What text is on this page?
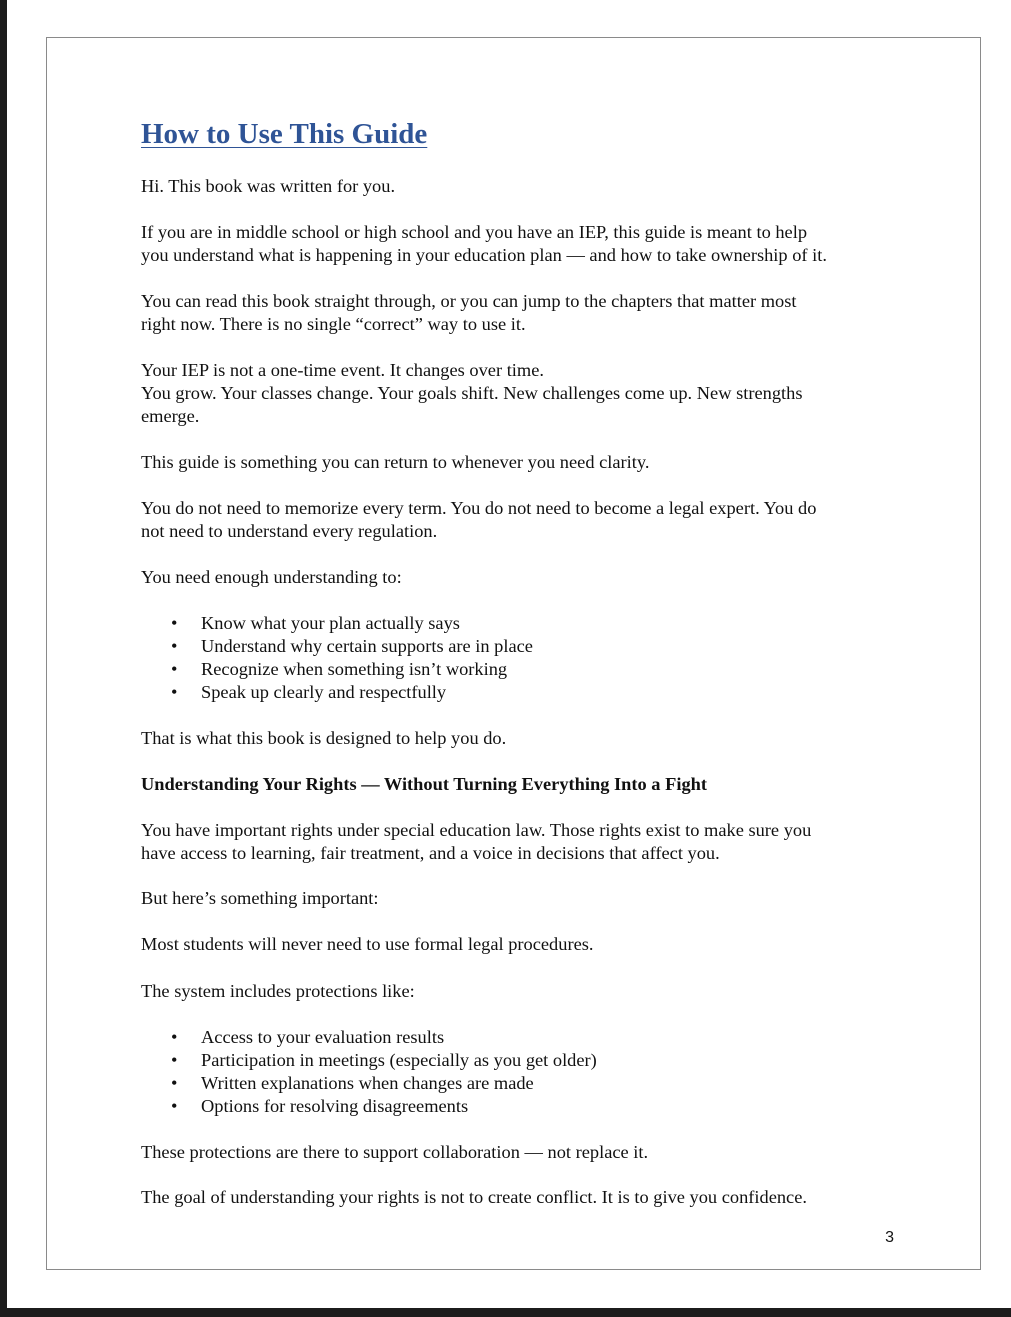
How to Use This Guide

Hi. This book was written for you.

If you are in middle school or high school and you have an IEP, this guide is meant to help
you understand what is happening in your education plan — and how to take ownership of it.

You can read this book straight through, or you can jump to the chapters that matter most
right now. There is no single “correct” way to use it.

Your IEP is not a one-time event. It changes over time.
You grow. Your classes change. Your goals shift. New challenges come up. New strengths
emerge.

This guide is something you can return to whenever you need clarity.

You do not need to memorize every term. You do not need to become a legal expert. You do
not need to understand every regulation.

You need enough understanding to:

• Know what your plan actually says
• Understand why certain supports are in place
• Recognize when something isn’t working
• Speak up clearly and respectfully

That is what this book is designed to help you do.

Understanding Your Rights — Without Turning Everything Into a Fight

You have important rights under special education law. Those rights exist to make sure you
have access to learning, fair treatment, and a voice in decisions that affect you.

But here’s something important:

Most students will never need to use formal legal procedures.

The system includes protections like:

• Access to your evaluation results
• Participation in meetings (especially as you get older)
• Written explanations when changes are made
• Options for resolving disagreements

These protections are there to support collaboration — not replace it.

The goal of understanding your rights is not to create conflict. It is to give you confidence.

3
